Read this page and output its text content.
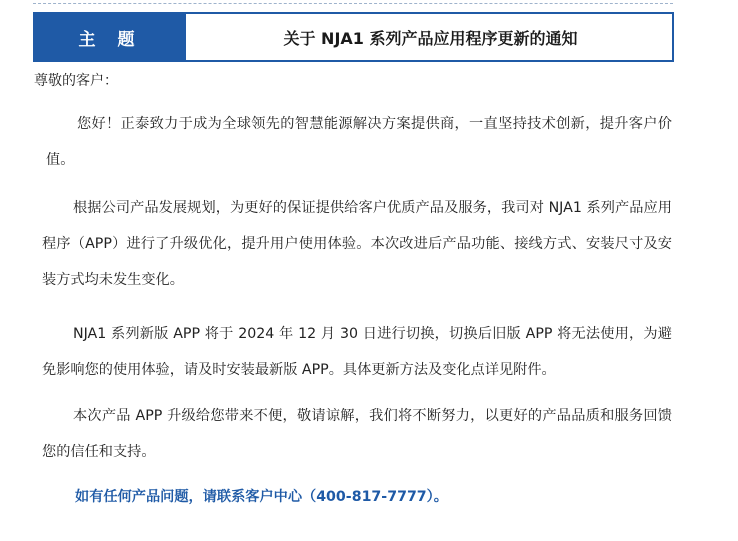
主 题	关于 NJA1 系列产品应用程序更新的通知
尊敬的客户：
您好！正泰致力于成为全球领先的智慧能源解决方案提供商，一直坚持技术创新，提升客户价值。
根据公司产品发展规划，为更好的保证提供给客户优质产品及服务，我司对 NJA1 系列产品应用程序（APP）进行了升级优化，提升用户使用体验。本次改进后产品功能、接线方式、安装尺寸及安装方式均未发生变化。
NJA1 系列新版 APP 将于 2024 年 12 月 30 日进行切换，切换后旧版 APP 将无法使用，为避免影响您的使用体验，请及时安装最新版 APP。具体更新方法及变化点详见附件。
本次产品 APP 升级给您带来不便，敬请谅解，我们将不断努力，以更好的产品品质和服务回馈您的信任和支持。
如有任何产品问题，请联系客户中心（400-817-7777）。
